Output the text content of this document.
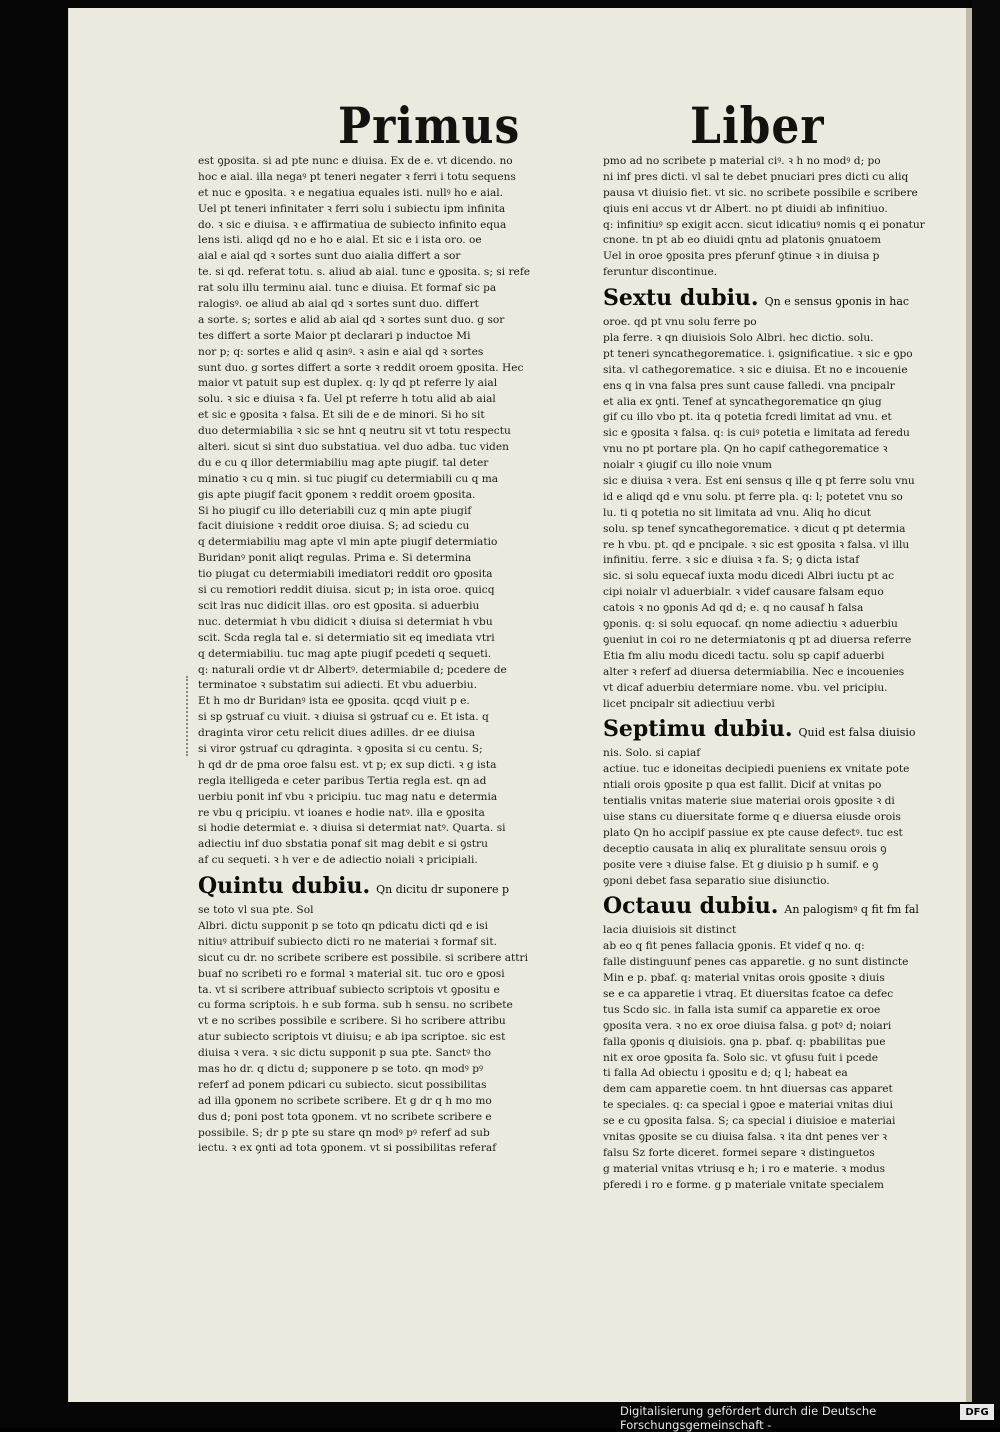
Primus	Liber
est ꝯposita. si ad pte nunc e diuisa. Ex de e. vt dicendo. no
hoc e aial. illa negaꝰ pt teneri negater ꝛ ferri i totu sequens
et nuc e ꝯposita. ꝛ e negatiua equales isti. nullꝰ ho e aial.
Uel pt teneri infinitater ꝛ ferri solu i subiectu ipm infinita
do. ꝛ sic e diuisa. ꝛ e affirmatiua de subiecto infinito equa
lens isti. aliqd qd no e ho e aial. Et sic e i ista oro. oe
aial e aial qd ꝛ sortes sunt duo aialia differt a sor
te. si qd. referat totu. s. aliud ab aial. tunc e ꝯposita. s; si refe
rat solu illu terminu aial. tunc e diuisa. Et formaf sic pa
ralogisꝰ. oe aliud ab aial qd ꝛ sortes sunt duo. differt
a sorte. s; sortes e alid ab aial qd ꝛ sortes sunt duo. g sor
tes differt a sorte Maior pt declarari p inductoe Mi
nor p; q: sortes e alid q asinꝰ. ꝛ asin e aial qd ꝛ sortes
sunt duo. g sortes differt a sorte ꝛ reddit oroem ꝯposita. Hec
maior vt patuit sup est duplex. q: ly qd pt referre ly aial
solu. ꝛ sic e diuisa ꝛ fa. Uel pt referre h totu alid ab aial
et sic e ꝯposita ꝛ falsa. Et sili de e de minori. Si ho sit
duo determiabilia ꝛ sic se hnt q neutru sit vt totu respectu
alteri. sicut si sint duo substatiua. vel duo adba. tuc viden
du e cu q illor determiabiliu mag apte piugif. tal deter
minatio ꝛ cu q min. si tuc piugif cu determiabili cu q ma
gis apte piugif facit ꝯponem ꝛ reddit oroem ꝯposita.
Si ho piugif cu illo deteriabili cuz q min apte piugif
facit diuisione ꝛ reddit oroe diuisa. S; ad sciedu cu
q determiabiliu mag apte vl min apte piugif determiatio
Buridanꝰ ponit aliqt regulas. Prima e. Si determina
tio piugat cu determiabili imediatori reddit oro ꝯposita
si cu remotiori reddit diuisa. sicut p; in ista oroe. quicq
scit lras nuc didicit illas. oro est ꝯposita. si aduerbiu
nuc. determiat h vbu didicit ꝛ diuisa si determiat h vbu
scit. Scda regla tal e. si determiatio sit eq imediata vtri
q determiabiliu. tuc mag apte piugif pcedeti q sequeti.
q: naturali ordie vt dr Albertꝰ. determiabile d; pcedere de
terminatoe ꝛ substatim sui adiecti. Et vbu aduerbiu.
Et h mo dr Buridanꝰ ista ee ꝯposita. qcqd viuit p e.
si sp ꝯstruaf cu viuit. ꝛ diuisa si ꝯstruaf cu e. Et ista. q
draginta viror cetu relicit diues adilles. dr ee diuisa
si viror ꝯstruaf cu qdraginta. ꝛ ꝯposita si cu centu. S;
h qd dr de pma oroe falsu est. vt p; ex sup dicti. ꝛ g ista
regla itelligeda e ceter paribus Tertia regla est. qn ad
uerbiu ponit inf vbu ꝛ pricipiu. tuc mag natu e determia
re vbu q pricipiu. vt ioanes e hodie natꝰ. illa e ꝯposita
si hodie determiat e. ꝛ diuisa si determiat natꝰ. Quarta. si
adiectiu inf duo sbstatia ponaf sit mag debit e si ꝯstru
af cu sequeti. ꝛ h ver e de adiectio noiali ꝛ pricipiali.
Quintu dubiu. Qn dicitu dr suponere p
se toto vl sua pte. Sol
Albri. dictu supponit p se toto qn pdicatu dicti qd e isi
nitiuꝰ attribuif subiecto dicti ro ne materiai ꝛ formaf sit.
sicut cu dr. no scribete scribere est possibile. si scribere attri
buaf no scribeti ro e formal ꝛ material sit. tuc oro e ꝯposi
ta. vt si scribere attribuaf subiecto scriptois vt ꝯpositu e
cu forma scriptois. h e sub forma. sub h sensu. no scribete
vt e no scribes possibile e scribere. Si ho scribere attribu
atur subiecto scriptois vt diuisu; e ab ipa scriptoe. sic est
diuisa ꝛ vera. ꝛ sic dictu supponit p sua pte. Sanctꝰ tho
mas ho dr. q dictu d; supponere p se toto. qn modꝰ pꝰ
referf ad ponem pdicari cu subiecto. sicut possibilitas
ad illa ꝯponem no scribete scribere. Et g dr q h mo mo
dus d; poni post tota ꝯponem. vt no scribete scribere e
possibile. S; dr p pte su stare qn modꝰ pꝰ referf ad sub
iectu. ꝛ ex ꝯnti ad tota ꝯponem. vt si possibilitas referaf
pmo ad no scribete p material ciꝰ. ꝛ h no modꝰ d; po
ni inf pres dicti. vl sal te debet pnuciari pres dicti cu aliq
pausa vt diuisio fiet. vt sic. no scribete possibile e scribere
qiuis eni accus vt dr Albert. no pt diuidi ab infinitiuo.
q: infinitiuꝰ sp exigit accn. sicut idicatiuꝰ nomis q ei ponatur
cnone. tn pt ab eo diuidi qntu ad platonis ꝯnuatoem
Uel in oroe ꝯposita pres pferunf ꝯtinue ꝛ in diuisa p
feruntur discontinue.
Sextu dubiu. Qn e sensus ꝯponis in hac
oroe. qd pt vnu solu ferre po
pla ferre. ꝛ qn diuisiois Solo Albri. hec dictio. solu.
pt teneri syncathegorematice. i. ꝯsignificatiue. ꝛ sic e ꝯpo
sita. vl cathegorematice. ꝛ sic e diuisa. Et no e incouenie
ens q in vna falsa pres sunt cause falledi. vna pncipalr
et alia ex ꝯnti. Tenef at syncathegorematice qn ꝯiug
gif cu illo vbo pt. ita q potetia fcredi limitat ad vnu. et
sic e ꝯposita ꝛ falsa. q: is cuiꝰ potetia e limitata ad feredu
vnu no pt portare pla. Qn ho capif cathegorematice ꝛ
noialr ꝛ ꝯiugif cu illo noie vnum
sic e diuisa ꝛ vera. Est eni sensus q ille q pt ferre solu vnu
id e aliqd qd e vnu solu. pt ferre pla. q: l; potetet vnu so
lu. ti q potetia no sit limitata ad vnu. Aliq ho dicut
solu. sp tenef syncathegorematice. ꝛ dicut q pt determia
re h vbu. pt. qd e pncipale. ꝛ sic est ꝯposita ꝛ falsa. vl illu
infinitiu. ferre. ꝛ sic e diuisa ꝛ fa. S; ꝯ dicta istaf
sic. si solu equecaf iuxta modu dicedi Albri iuctu pt ac
cipi noialr vl aduerbialr. ꝛ videf causare falsam equo
catois ꝛ no ꝯponis Ad qd d; e. q no causaf h falsa
ꝯponis. q: si solu equocaf. qn nome adiectiu ꝛ aduerbiu
ꝯueniut in coi ro ne determiatonis q pt ad diuersa referre
Etia fm aliu modu dicedi tactu. solu sp capif aduerbi
alter ꝛ referf ad diuersa determiabilia. Nec e incouenies
vt dicaf aduerbiu determiare nome. vbu. vel pricipiu.
licet pncipalr sit adiectiuu verbi
Septimu dubiu. Quid est falsa diuisio
nis. Solo. si capiaf
actiue. tuc e idoneitas decipiedi pueniens ex vnitate pote
ntiali orois ꝯposite p qua est fallit. Dicif at vnitas po
tentialis vnitas materie siue materiai orois ꝯposite ꝛ di
uise stans cu diuersitate forme q e diuersa eiusde orois
plato Qn ho accipif passiue ex pte cause defectꝰ. tuc est
deceptio causata in aliq ex pluralitate sensuu orois ꝯ
posite vere ꝛ diuise false. Et g diuisio p h sumif. e ꝯ
ꝯponi debet fasa separatio siue disiunctio.
Octauu dubiu. An palogismꝰ q fit fm fal
lacia diuisiois sit distinct
ab eo q fit penes fallacia ꝯponis. Et videf q no. q:
falle distinguunf penes cas apparetie. g no sunt distincte
Min e p. pbaf. q: material vnitas orois ꝯposite ꝛ diuis
se e ca apparetie i vtraq. Et diuersitas fcatoe ca defec
tus Scdo sic. in falla ista sumif ca apparetie ex oroe
ꝯposita vera. ꝛ no ex oroe diuisa falsa. g potꝰ d; noiari
falla ꝯponis q diuisiois. ꝯna p. pbaf. q: pbabilitas pue
nit ex oroe ꝯposita fa. Solo sic. vt ꝯfusu fuit i pcede
ti falla Ad obiectu i ꝯpositu e d; q l; habeat ea
dem cam apparetie coem. tn hnt diuersas cas apparet
te speciales. q: ca special i ꝯpoe e materiai vnitas diui
se e cu ꝯposita falsa. S; ca special i diuisioe e materiai
vnitas ꝯposite se cu diuisa falsa. ꝛ ita dnt penes ver ꝛ
falsu Sz forte diceret. formei separe ꝛ distinguetos
g material vnitas vtriusq e h; i ro e materie. ꝛ modus
pferedi i ro e forme. g p materiale vnitate specialem
Digitalisierung gefördert durch die Deutsche Forschungsgemeinschaft -
DFG
